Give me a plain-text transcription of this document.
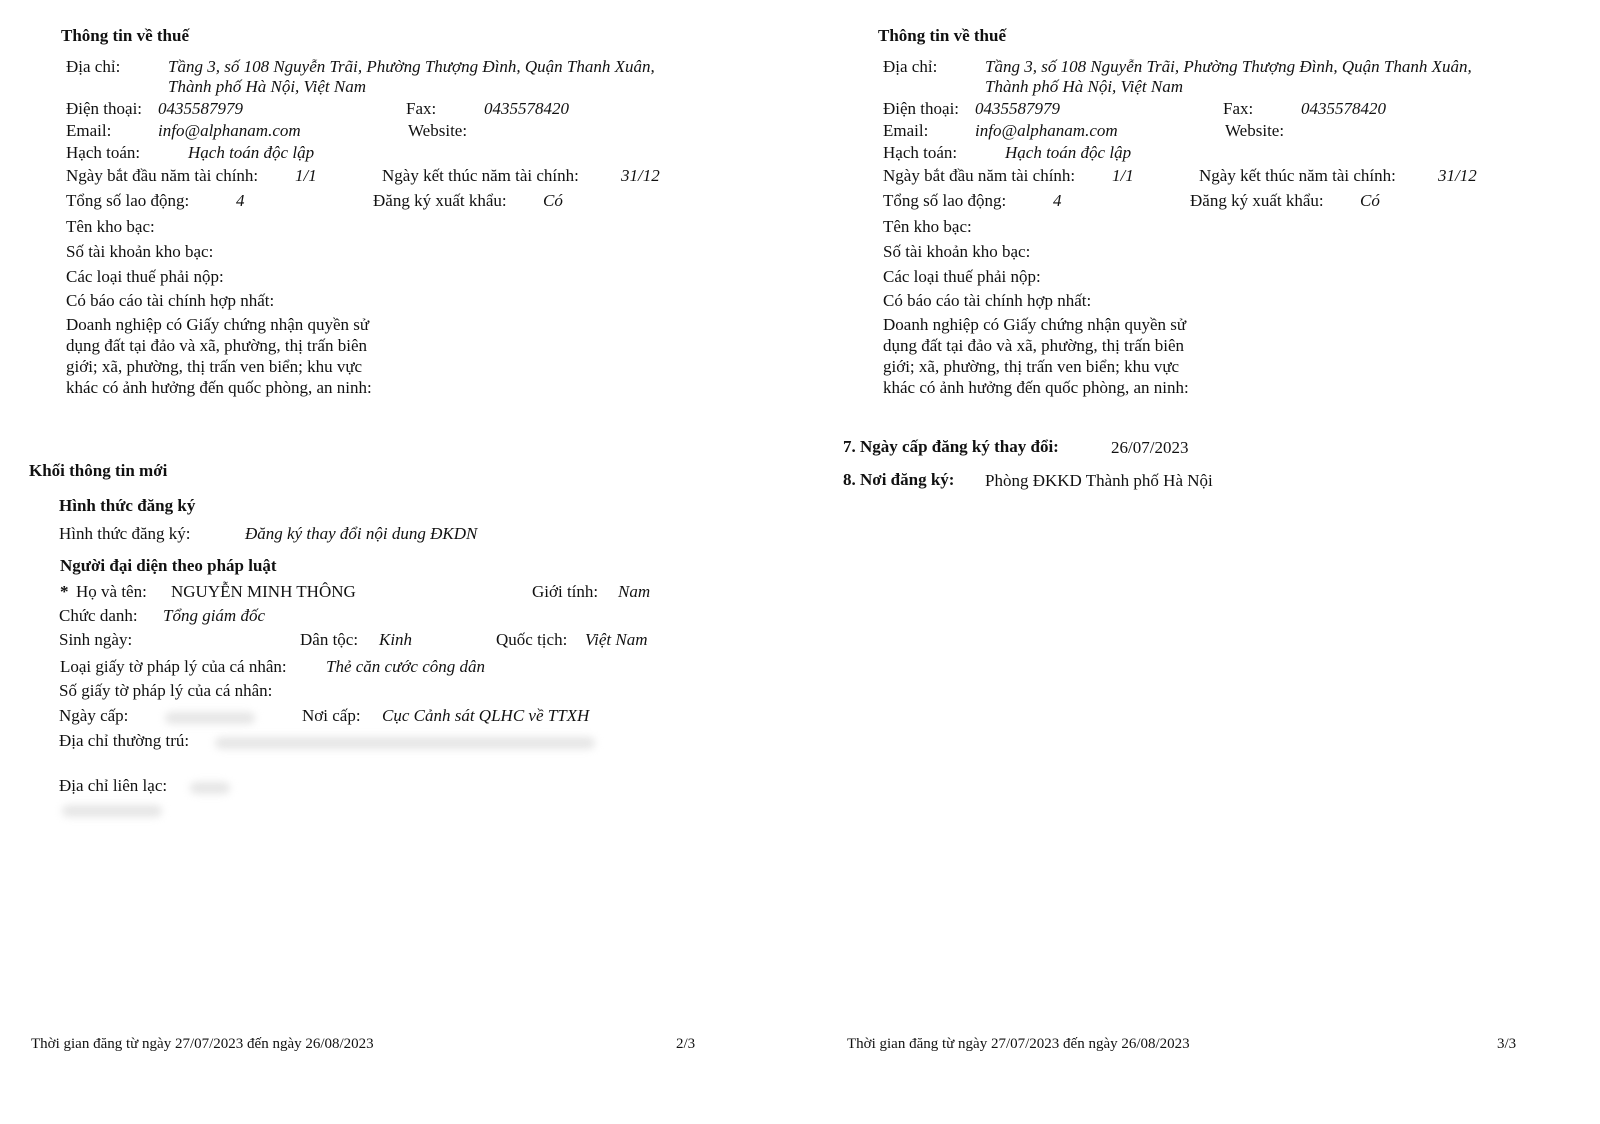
Thông tin về thuế
Địa chỉ:	Tầng 3, số 108 Nguyễn Trãi, Phường Thượng Đình, Quận Thanh Xuân,
Thành phố Hà Nội, Việt Nam
Điện thoại: 0435587979	Fax:	0435578420
Email:	info@alphanam.com	Website:
Hạch toán:	Hạch toán độc lập
Ngày bắt đầu năm tài chính: 1/1	Ngày kết thúc năm tài chính: 31/12
Tổng số lao động:	4	Đăng ký xuất khẩu: Có
Tên kho bạc:
Số tài khoản kho bạc:
Các loại thuế phải nộp:
Có báo cáo tài chính hợp nhất:
Doanh nghiệp có Giấy chứng nhận quyền sử
dụng đất tại đảo và xã, phường, thị trấn biên
giới; xã, phường, thị trấn ven biển; khu vực
khác có ảnh hưởng đến quốc phòng, an ninh:
Khối thông tin mới
Hình thức đăng ký
Hình thức đăng ký:	Đăng ký thay đổi nội dung ĐKDN
Người đại diện theo pháp luật
* Họ và tên: NGUYỄN MINH THÔNG	Giới tính: Nam
Chức danh: Tổng giám đốc
Sinh ngày:	Dân tộc: Kinh	Quốc tịch: Việt Nam
Loại giấy tờ pháp lý của cá nhân: Thẻ căn cước công dân
Số giấy tờ pháp lý của cá nhân:
Ngày cấp:	Nơi cấp: Cục Cảnh sát QLHC về TTXH
Địa chỉ thường trú:
Địa chỉ liên lạc:
Thời gian đăng từ ngày 27/07/2023 đến ngày 26/08/2023	2/3
Thông tin về thuế
Địa chỉ:	Tầng 3, số 108 Nguyễn Trãi, Phường Thượng Đình, Quận Thanh Xuân,
Thành phố Hà Nội, Việt Nam
Điện thoại: 0435587979	Fax:	0435578420
Email:	info@alphanam.com	Website:
Hạch toán:	Hạch toán độc lập
Ngày bắt đầu năm tài chính: 1/1	Ngày kết thúc năm tài chính: 31/12
Tổng số lao động:	4	Đăng ký xuất khẩu: Có
Tên kho bạc:
Số tài khoản kho bạc:
Các loại thuế phải nộp:
Có báo cáo tài chính hợp nhất:
Doanh nghiệp có Giấy chứng nhận quyền sử
dụng đất tại đảo và xã, phường, thị trấn biên
giới; xã, phường, thị trấn ven biển; khu vực
khác có ảnh hưởng đến quốc phòng, an ninh:
7. Ngày cấp đăng ký thay đổi:	26/07/2023
8. Nơi đăng ký: Phòng ĐKKD Thành phố Hà Nội
Thời gian đăng từ ngày 27/07/2023 đến ngày 26/08/2023	3/3
